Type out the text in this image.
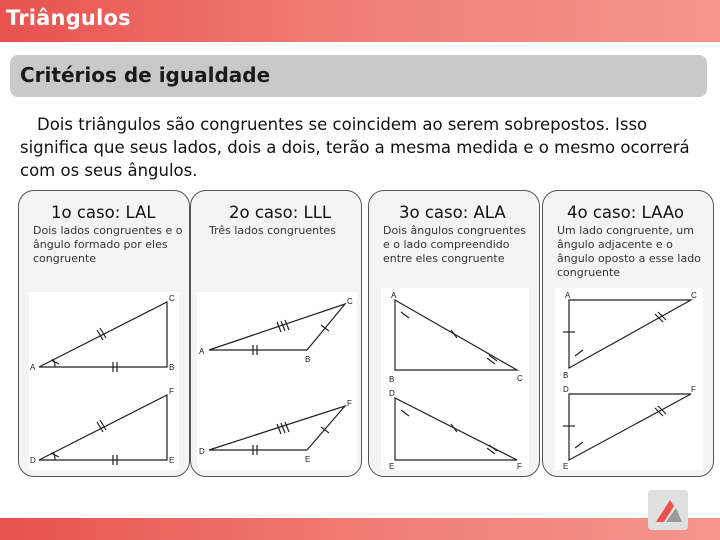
Triângulos
Critérios de igualdade
Dois triângulos são congruentes se coincidem ao serem sobrepostos. Isso significa que seus lados, dois a dois, terão a mesma medida e o mesmo ocorrerá com os seus ângulos.
1o caso: LAL
Dois lados congruentes e o ângulo formado por eles congruente
A	B
C
D	E
F
2o caso: LLL
Três lados congruentes
A
B
C
D
E
F
3o caso: ALA
Dois ângulos congruentes e o lado compreendido entre eles congruente
A
B	C
D
E	F
4o caso: LAAo
Um lado congruente, um ângulo adjacente e o ângulo oposto a esse lado congruente
A
B
C
D
E
F
